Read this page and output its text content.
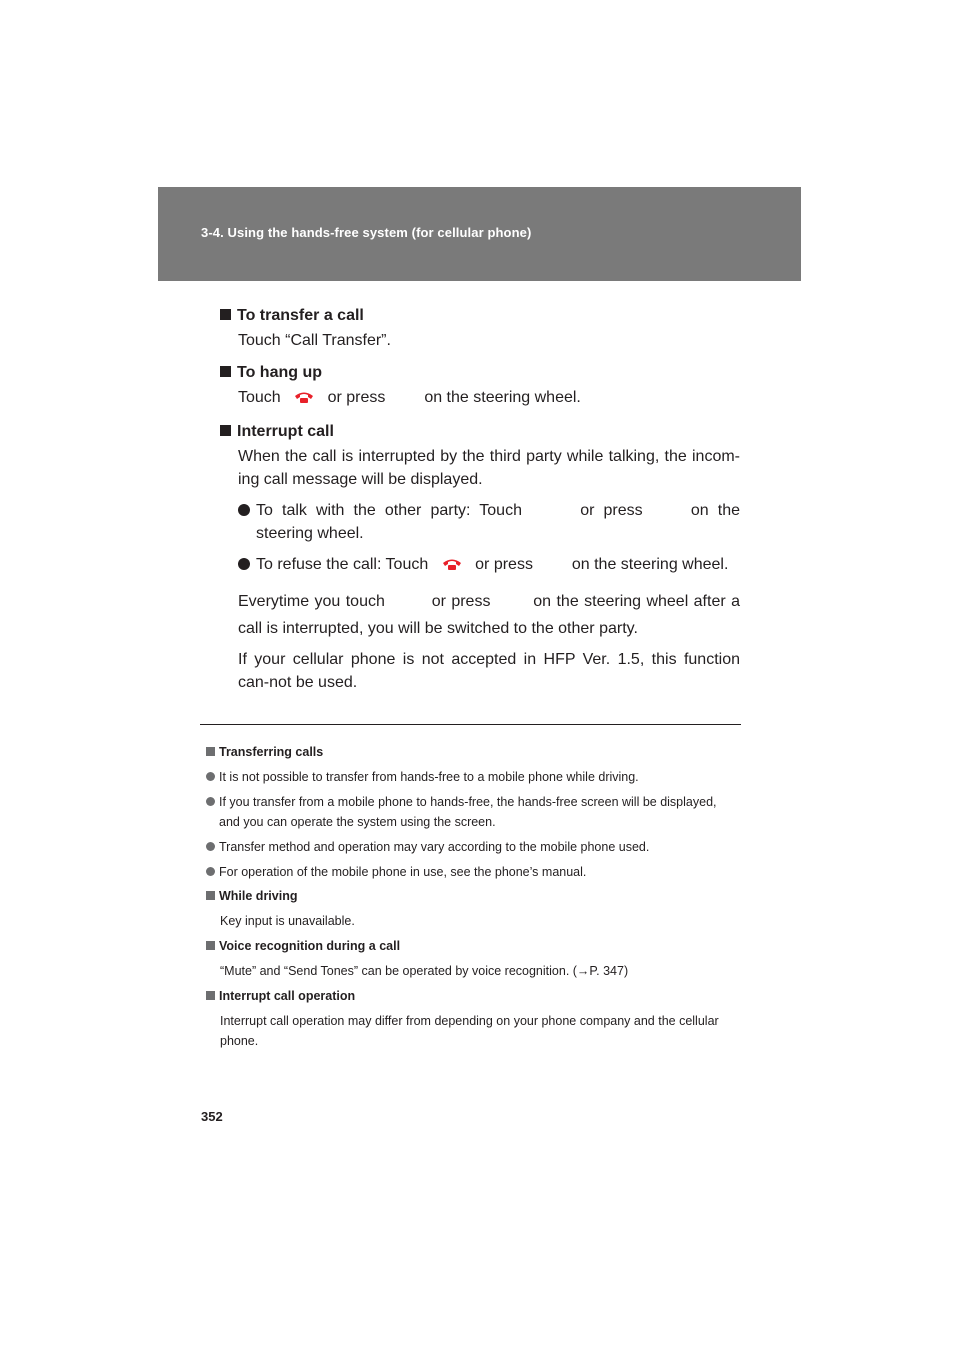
3-4. Using the hands-free system (for cellular phone)

To transfer a call

Touch “Call Transfer”.

To hang up

Touch	or press on the steering wheel.

Interrupt call

When the call is interrupted by the third party while talking, the incom-ing call message will be displayed.

To talk with the other party: Touch	or press	on the steering wheel.
To refuse the call: Touch	or press on the steering wheel.

Everytime you touch	or press	on the steering wheel after a call is interrupted, you will be switched to the other party.

If your cellular phone is not accepted in HFP Ver. 1.5, this function can-not be used.

Transferring calls

It is not possible to transfer from hands-free to a mobile phone while driving.
If you transfer from a mobile phone to hands-free, the hands-free screen will be displayed, and you can operate the system using the screen.
Transfer method and operation may vary according to the mobile phone used.
For operation of the mobile phone in use, see the phone’s manual.

While driving

Key input is unavailable.

Voice recognition during a call

“Mute” and “Send Tones” can be operated by voice recognition. (→P. 347)

Interrupt call operation

Interrupt call operation may differ from depending on your phone company and the cellular phone.

352
